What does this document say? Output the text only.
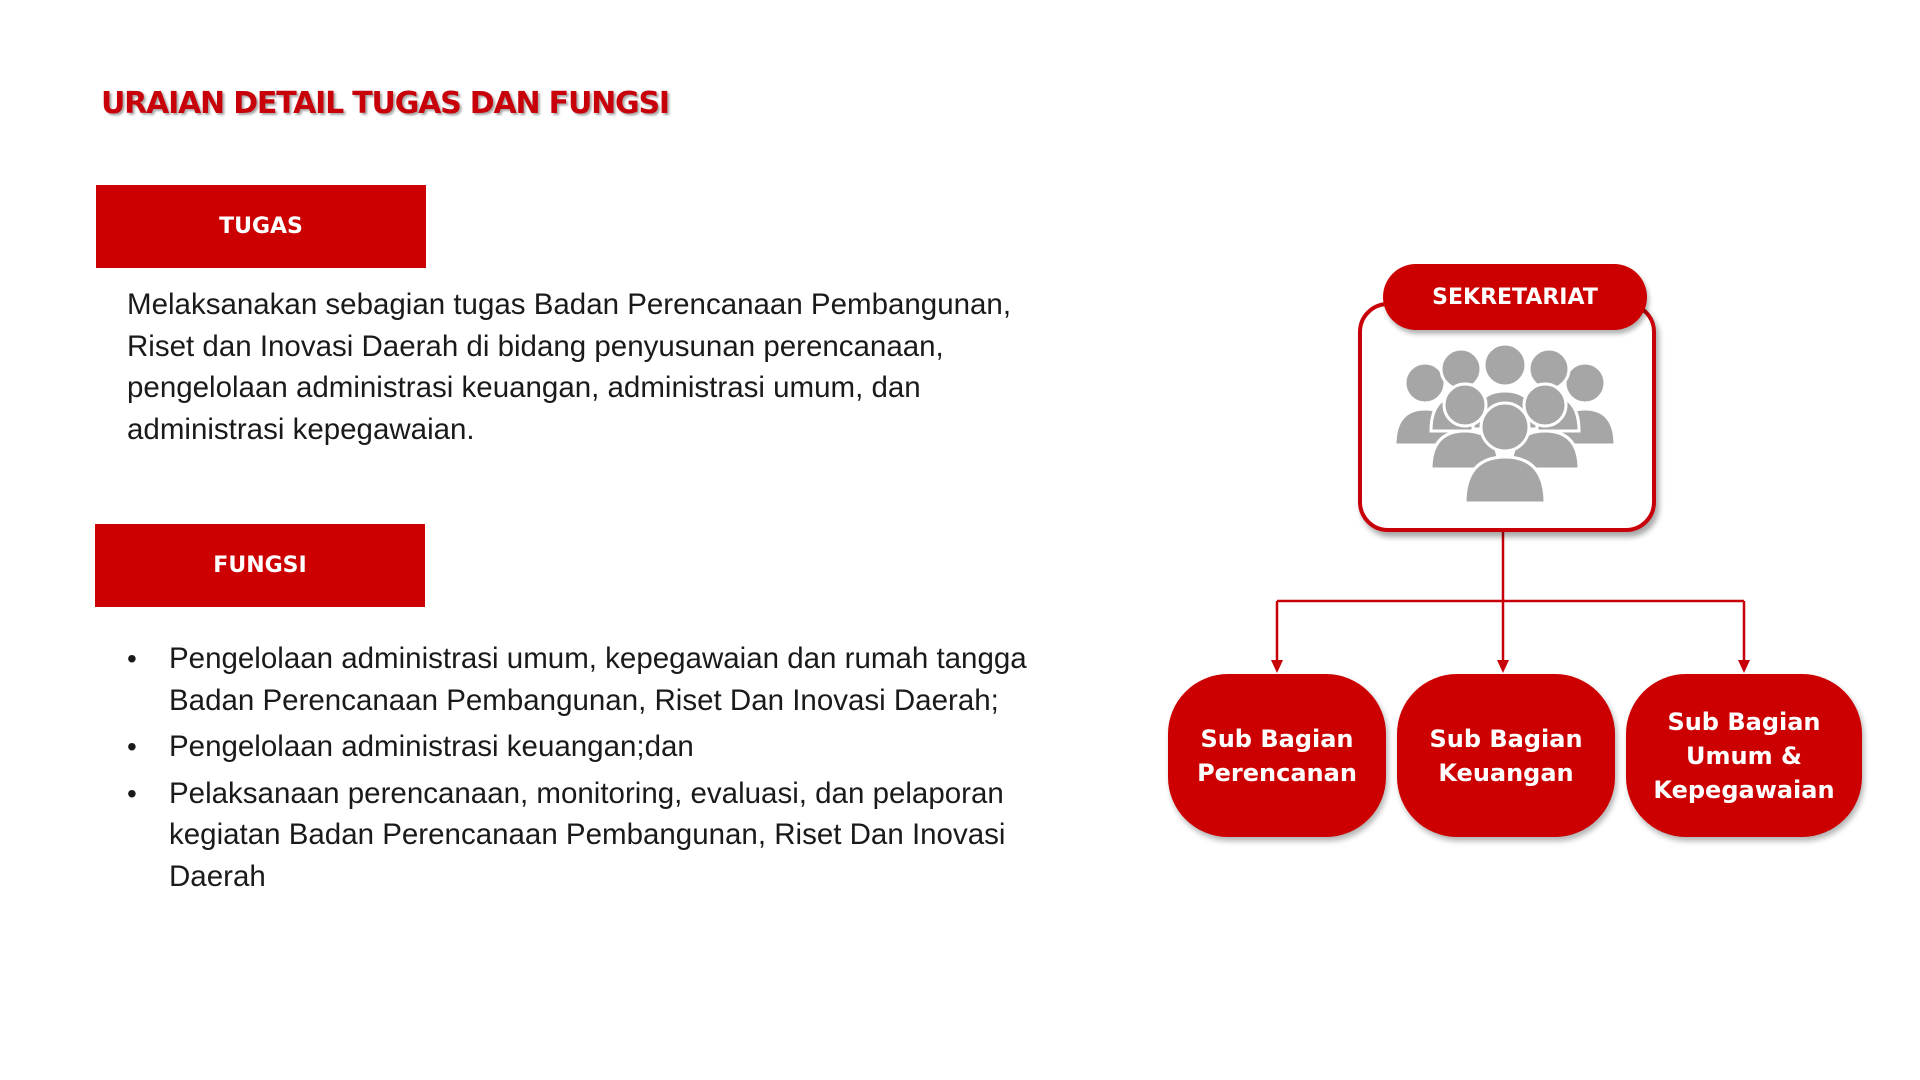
URAIAN DETAIL TUGAS DAN FUNGSI
TUGAS

Melaksanakan sebagian tugas Badan Perencanaan Pembangunan, Riset dan Inovasi Daerah di bidang penyusunan perencanaan, pengelolaan administrasi keuangan, administrasi umum, dan administrasi kepegawaian.

FUNGSI
• Pengelolaan administrasi umum, kepegawaian dan rumah tangga Badan Perencanaan Pembangunan, Riset Dan Inovasi Daerah;
• Pengelolaan administrasi keuangan;dan
• Pelaksanaan perencanaan, monitoring, evaluasi, dan pelaporan kegiatan Badan Perencanaan Pembangunan, Riset Dan Inovasi Daerah
SEKRETARIAT
Sub Bagian
Perencanan
Sub Bagian
Keuangan
Sub Bagian
Umum &
Kepegawaian
